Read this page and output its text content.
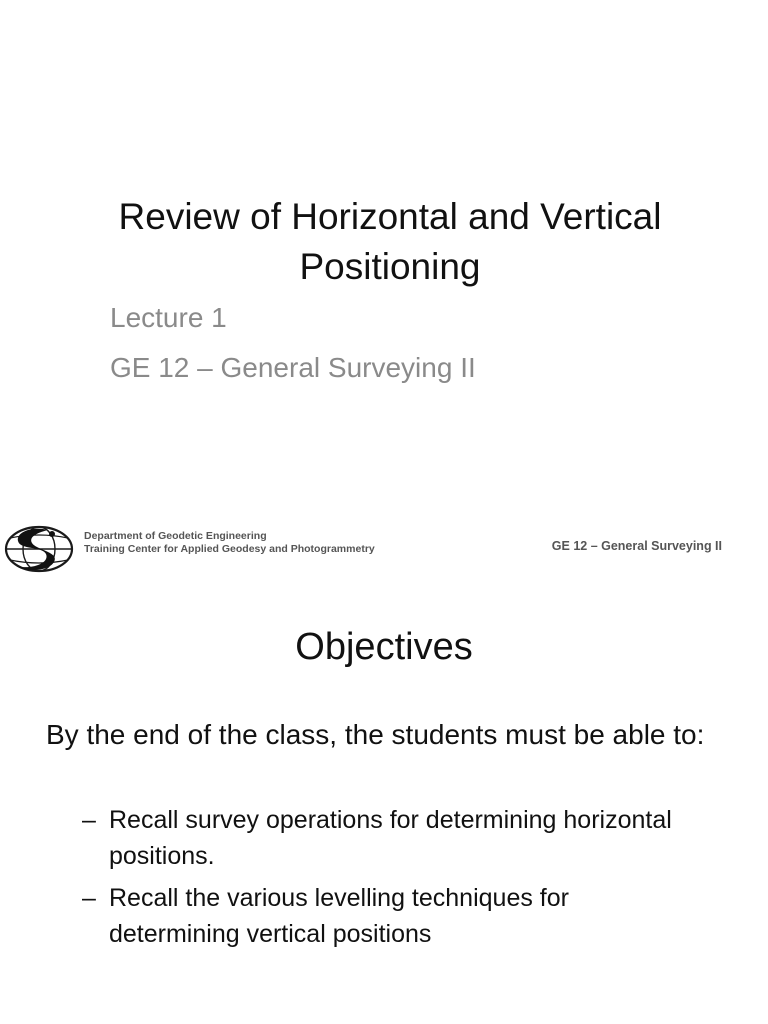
Review of Horizontal and Vertical Positioning

Lecture 1

GE 12 – General Surveying II

Department of Geodetic Engineering
Training Center for Applied Geodesy and Photogrammetry	GE 12 – General Surveying II
Objectives

By the end of the class, the students must be able to:

– Recall survey operations for determining horizontal positions.
– Recall the various levelling techniques for determining vertical positions
